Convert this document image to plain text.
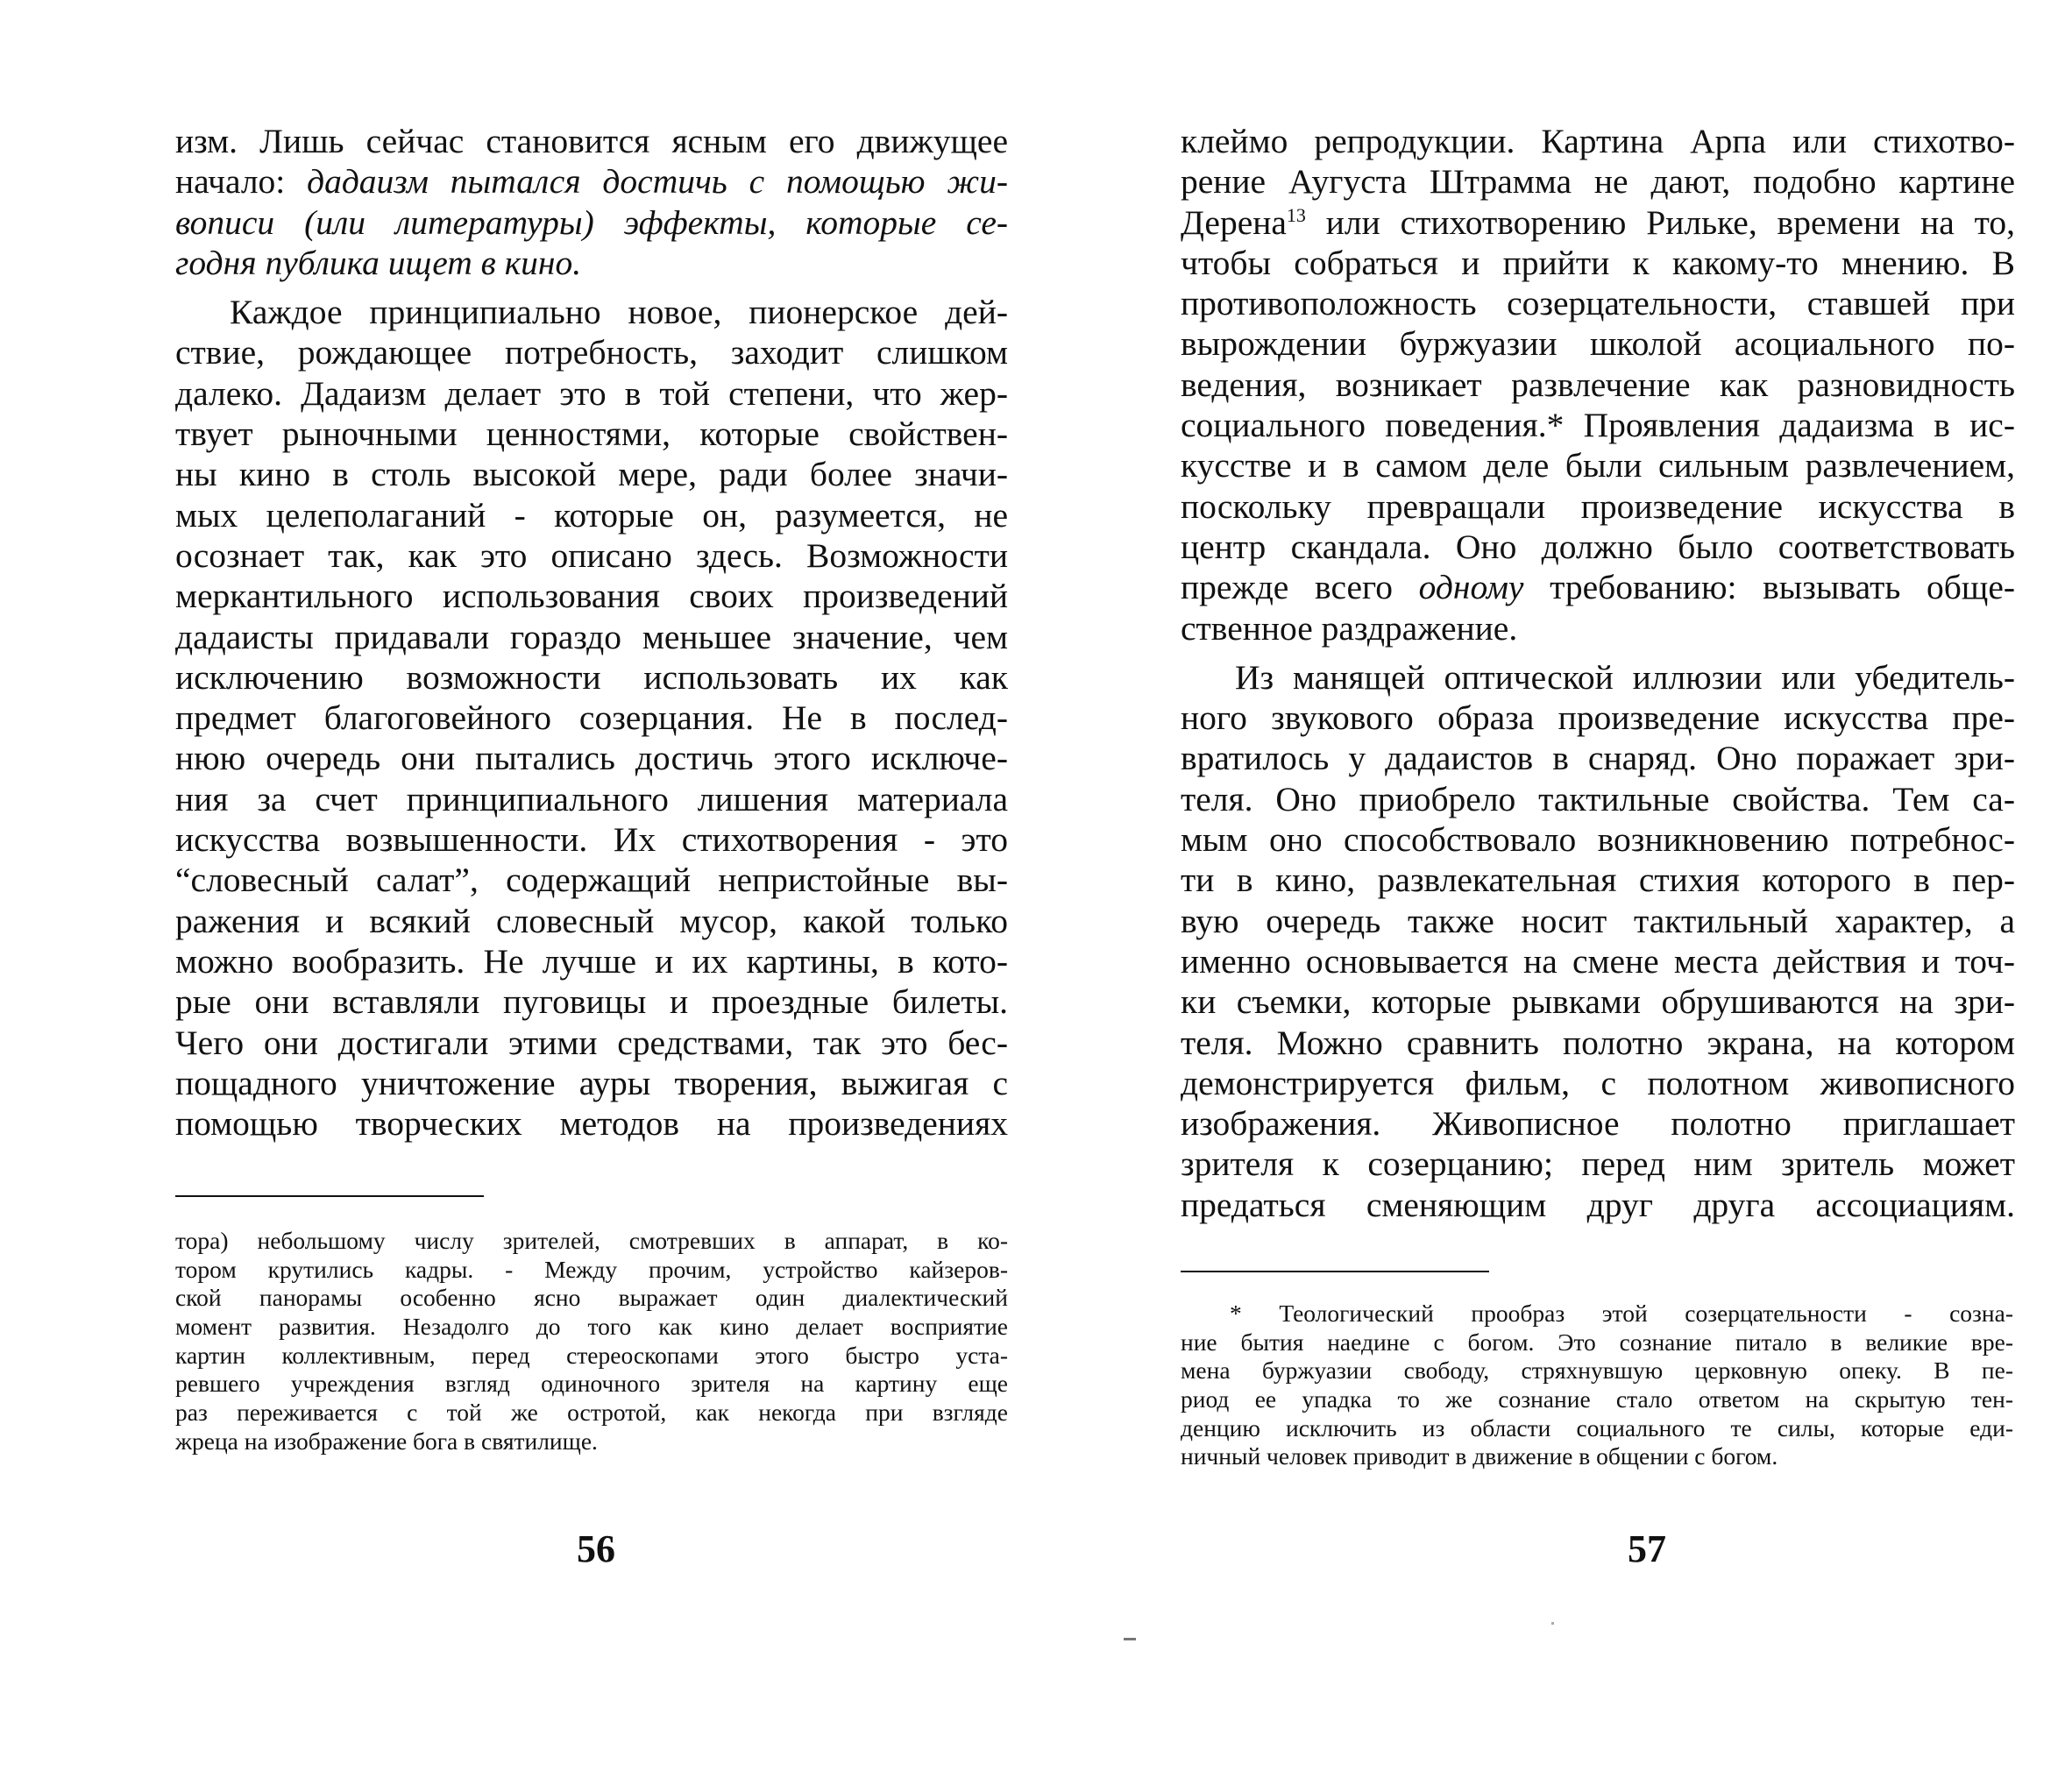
изм. Лишь сейчас становится ясным его движущее
начало: дадаизм пытался достичь с помощью жи-
вописи (или литературы) эффекты, которые се-
годня публика ищет в кино.
Каждое принципиально новое, пионерское дей-
ствие, рождающее потребность, заходит слишком
далеко. Дадаизм делает это в той степени, что жер-
твует рыночными ценностями, которые свойствен-
ны кино в столь высокой мере, ради более значи-
мых целеполаганий - которые он, разумеется, не
осознает так, как это описано здесь. Возможности
меркантильного использования своих произведений
дадаисты придавали гораздо меньшее значение, чем
исключению возможности использовать их как
предмет благоговейного созерцания. Не в послед-
нюю очередь они пытались достичь этого исключе-
ния за счет принципиального лишения материала
искусства возвышенности. Их стихотворения - это
“словесный салат”, содержащий непристойные вы-
ражения и всякий словесный мусор, какой только
можно вообразить. Не лучше и их картины, в кото-
рые они вставляли пуговицы и проездные билеты.
Чего они достигали этими средствами, так это бес-
пощадного уничтожение ауры творения, выжигая с
помощью творческих методов на произведениях
тора) небольшому числу зрителей, смотревших в аппарат, в ко-
тором крутились кадры. - Между прочим, устройство кайзеров-
ской панорамы особенно ясно выражает один диалектический
момент развития. Незадолго до того как кино делает восприятие
картин коллективным, перед стереоскопами этого быстро уста-
ревшего учреждения взгляд одиночного зрителя на картину еще
раз переживается с той же остротой, как некогда при взгляде
жреца на изображение бога в святилище.
56
клеймо репродукции. Картина Арпа или стихотво-
рение Аугуста Штрамма не дают, подобно картине
Дерена$^{13}$ или стихотворению Рильке, времени на то,
чтобы собраться и прийти к какому-то мнению. В
противоположность созерцательности, ставшей при
вырождении буржуазии школой асоциального по-
ведения, возникает развлечение как разновидность
социального поведения.* Проявления дадаизма в ис-
кусстве и в самом деле были сильным развлечением,
поскольку превращали произведение искусства в
центр скандала. Оно должно было соответствовать
прежде всего одному требованию: вызывать обще-
ственное раздражение.
Из манящей оптической иллюзии или убедитель-
ного звукового образа произведение искусства пре-
вратилось у дадаистов в снаряд. Оно поражает зри-
теля. Оно приобрело тактильные свойства. Тем са-
мым оно способствовало возникновению потребнос-
ти в кино, развлекательная стихия которого в пер-
вую очередь также носит тактильный характер, а
именно основывается на смене места действия и точ-
ки съемки, которые рывками обрушиваются на зри-
теля. Можно сравнить полотно экрана, на котором
демонстрируется фильм, с полотном живописного
изображения. Живописное полотно приглашает
зрителя к созерцанию; перед ним зритель может
предаться сменяющим друг друга ассоциациям.
* Теологический прообраз этой созерцательности - созна-
ние бытия наедине с богом. Это сознание питало в великие вре-
мена буржуазии свободу, стряхнувшую церковную опеку. В пе-
риод ее упадка то же сознание стало ответом на скрытую тен-
денцию исключить из области социального те силы, которые еди-
ничный человек приводит в движение в общении с богом.
57
